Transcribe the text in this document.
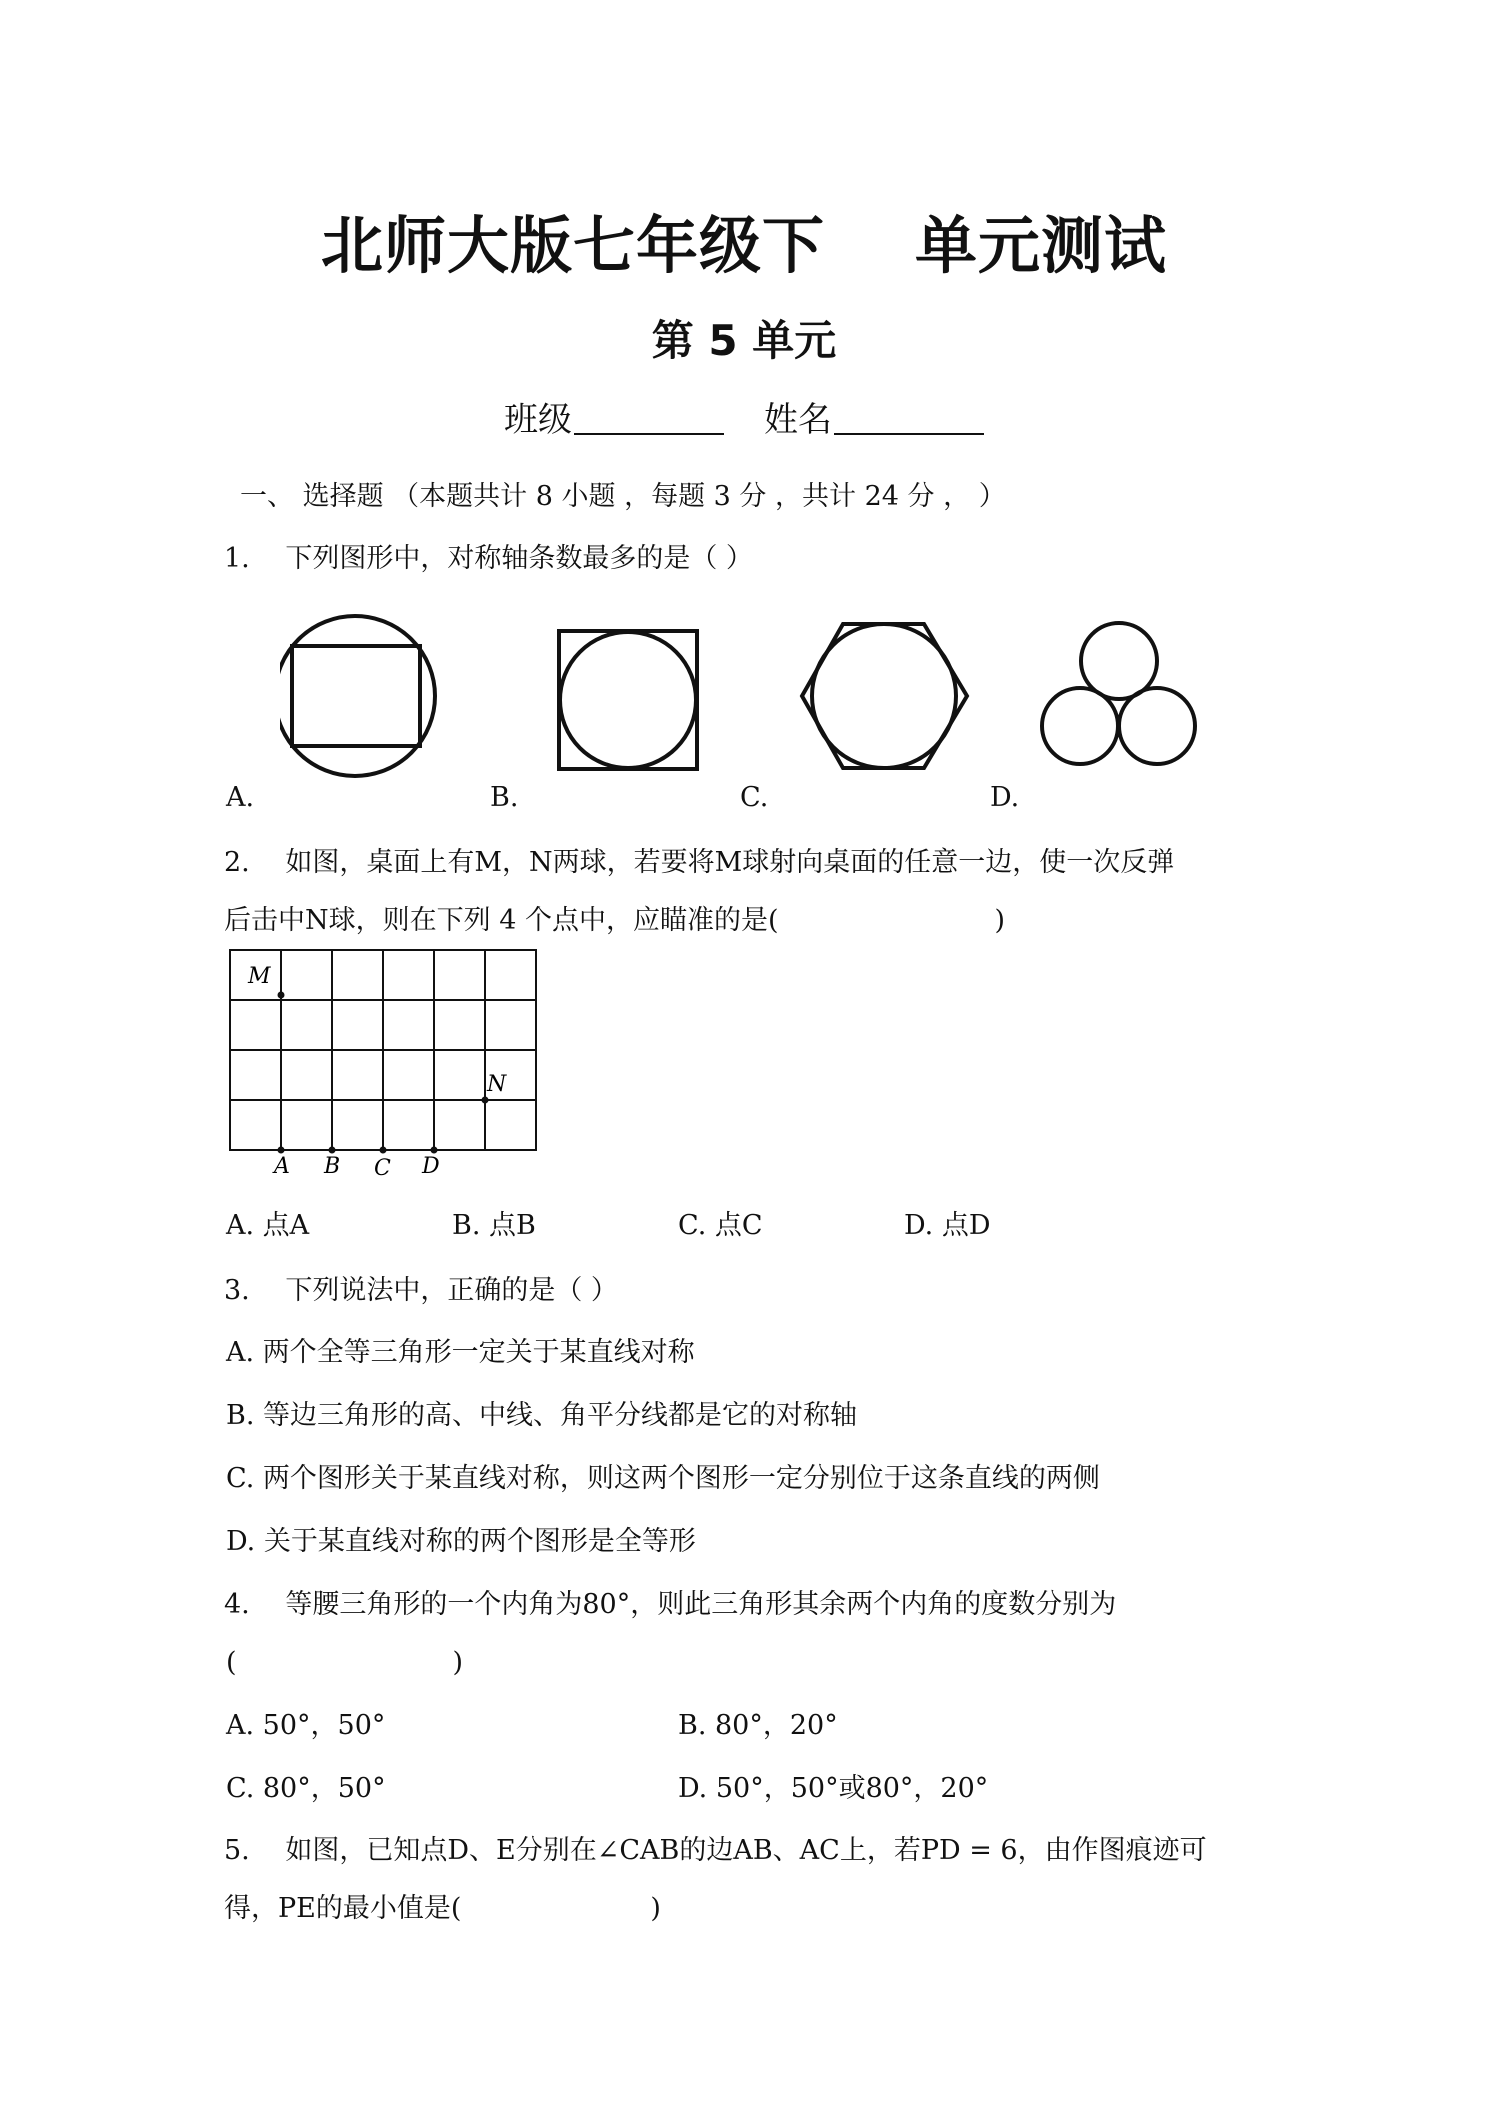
北师大版七年级下 单元测试
第 5 单元
班级	姓名
一、 选择题 （本题共计 8 小题 ，每题 3 分 ，共计 24 分 ， ）
1.　 下列图形中，对称轴条数最多的是（ ）
A.	B.	C.	D.
2.　 如图，桌面上有M，N两球，若要将M球射向桌面的任意一边，使一次反弹
后击中N球，则在下列 4 个点中，应瞄准的是(　　　　　　　　)
M
N
A B C D
A. 点A	B. 点B	C. 点C	D. 点D
3.　 下列说法中，正确的是（ ）
A. 两个全等三角形一定关于某直线对称
B. 等边三角形的高、中线、角平分线都是它的对称轴
C. 两个图形关于某直线对称，则这两个图形一定分别位于这条直线的两侧
D. 关于某直线对称的两个图形是全等形
4.　 等腰三角形的一个内角为80°，则此三角形其余两个内角的度数分别为
(　　　　　　　　)
A. 50°，50°	B. 80°，20°
C. 80°，50°	D. 50°，50°或80°，20°
5.　 如图，已知点D、E分别在∠CAB的边AB、AC上，若PD = 6，由作图痕迹可
得，PE的最小值是(　　　　　　　)
